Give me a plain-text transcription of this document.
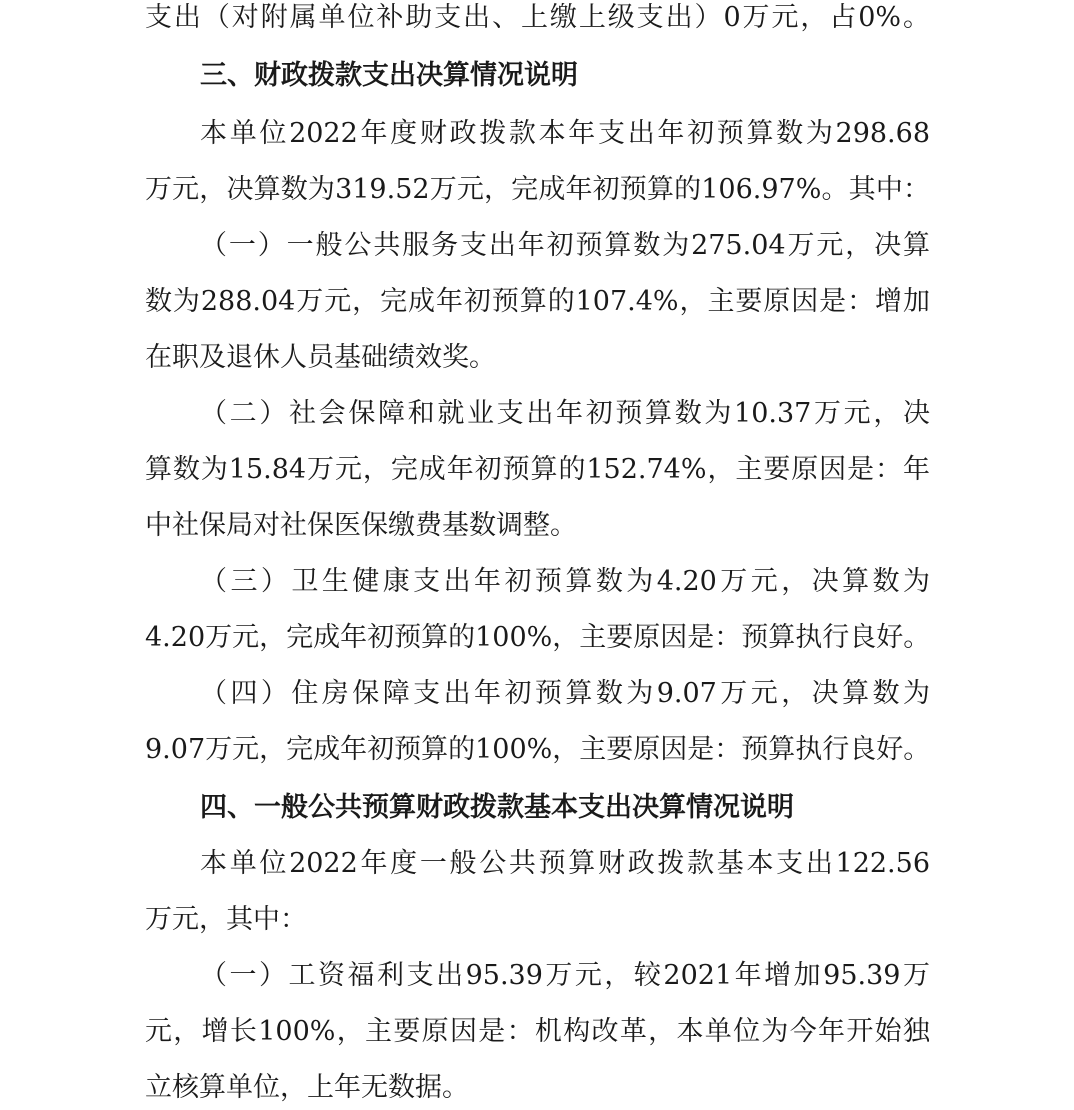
支出（对附属单位补助支出、上缴上级支出）0万元，占0%。
三、财政拨款支出决算情况说明
本单位2022年度财政拨款本年支出年初预算数为298.68
万元，决算数为319.52万元，完成年初预算的106.97%。其中：
（一）一般公共服务支出年初预算数为275.04万元，决算
数为288.04万元，完成年初预算的107.4%，主要原因是：增加
在职及退休人员基础绩效奖。
（二）社会保障和就业支出年初预算数为10.37万元，决
算数为15.84万元，完成年初预算的152.74%，主要原因是：年
中社保局对社保医保缴费基数调整。
（三）卫生健康支出年初预算数为4.20万元，决算数为
4.20万元，完成年初预算的100%，主要原因是：预算执行良好。
（四）住房保障支出年初预算数为9.07万元，决算数为
9.07万元，完成年初预算的100%，主要原因是：预算执行良好。
四、一般公共预算财政拨款基本支出决算情况说明
本单位2022年度一般公共预算财政拨款基本支出122.56
万元，其中：
（一）工资福利支出95.39万元，较2021年增加95.39万
元，增长100%，主要原因是：机构改革，本单位为今年开始独
立核算单位，上年无数据。
